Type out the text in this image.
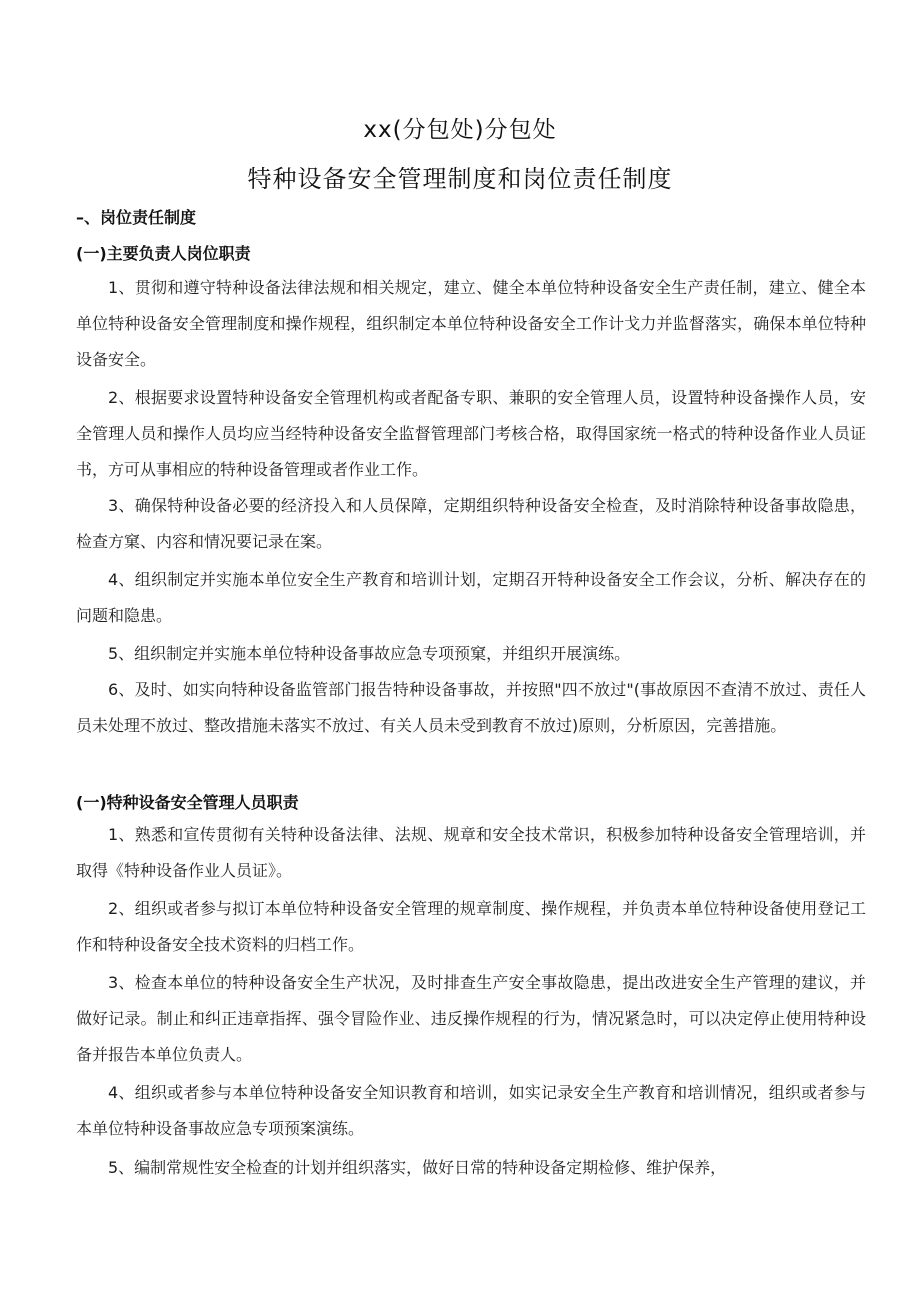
xx(分包处)分包处
特种设备安全管理制度和岗位责任制度
–、岗位责任制度
(一)主要负责人岗位职责

1、贯彻和遵守特种设备法律法规和相关规定，建立、健全本单位特种设备安全生产责任制，建立、健全本单位特种设备安全管理制度和操作规程，组织制定本单位特种设备安全工作计戈力并监督落实，确保本单位特种设备安全。

2、根据要求设置特种设备安全管理机构或者配备专职、兼职的安全管理人员，设置特种设备操作人员，安全管理人员和操作人员均应当经特种设备安全监督管理部门考核合格，取得国家统一格式的特种设备作业人员证书，方可从事相应的特种设备管理或者作业工作。

3、确保特种设备必要的经济投入和人员保障，定期组织特种设备安全检查，及时消除特种设备事故隐患，检查方窠、内容和情况要记录在案。

4、组织制定并实施本单位安全生产教育和培训计划，定期召开特种设备安全工作会议，分析、解决存在的问题和隐患。

5、组织制定并实施本单位特种设备事故应急专项预窠，并组织开展演练。

6、及时、如实向特种设备监管部门报告特种设备事故，并按照"四不放过"(事故原因不查清不放过、责任人员未处理不放过、整改措施未落实不放过、有关人员未受到教育不放过)原则，分析原因，完善措施。

(一)特种设备安全管理人员职责

1、熟悉和宣传贯彻有关特种设备法律、法规、规章和安全技术常识，积极参加特种设备安全管理培训，并取得《特种设备作业人员证》。

2、组织或者参与拟订本单位特种设备安全管理的规章制度、操作规程，并负责本单位特种设备使用登记工作和特种设备安全技术资料的归档工作。

3、检查本单位的特种设备安全生产状况，及时排查生产安全事故隐患，提出改进安全生产管理的建议，并做好记录。制止和纠正违章指挥、强令冒险作业、违反操作规程的行为，情况紧急时，可以决定停止使用特种设备并报告本单位负责人。

4、组织或者参与本单位特种设备安全知识教育和培训，如实记录安全生产教育和培训情况，组织或者参与本单位特种设备事故应急专项预案演练。

5、编制常规性安全检查的计划并组织落实，做好日常的特种设备定期检修、维护保养，
